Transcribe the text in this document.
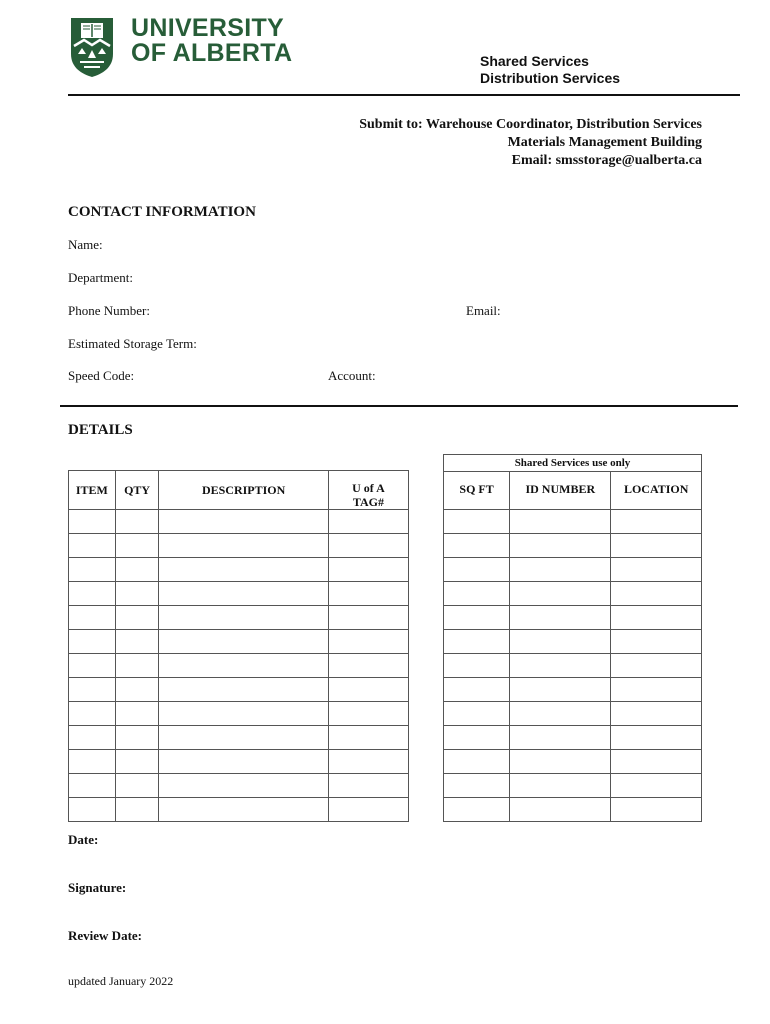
UNIVERSITY
OF ALBERTA	Shared Services
Distribution Services
Submit to: Warehouse Coordinator, Distribution Services
Materials Management Building
Email: smsstorage@ualberta.ca
CONTACT INFORMATION
Name:
Department:
Phone Number:	Email:
Estimated Storage Term:
Speed Code:	Account:
DETAILS
ITEM	QTY	DESCRIPTION	U of A
TAG#

Shared Services use only		
SQ FT	ID NUMBER	LOCATION

Date:
Signature:
Review Date:
updated January 2022
